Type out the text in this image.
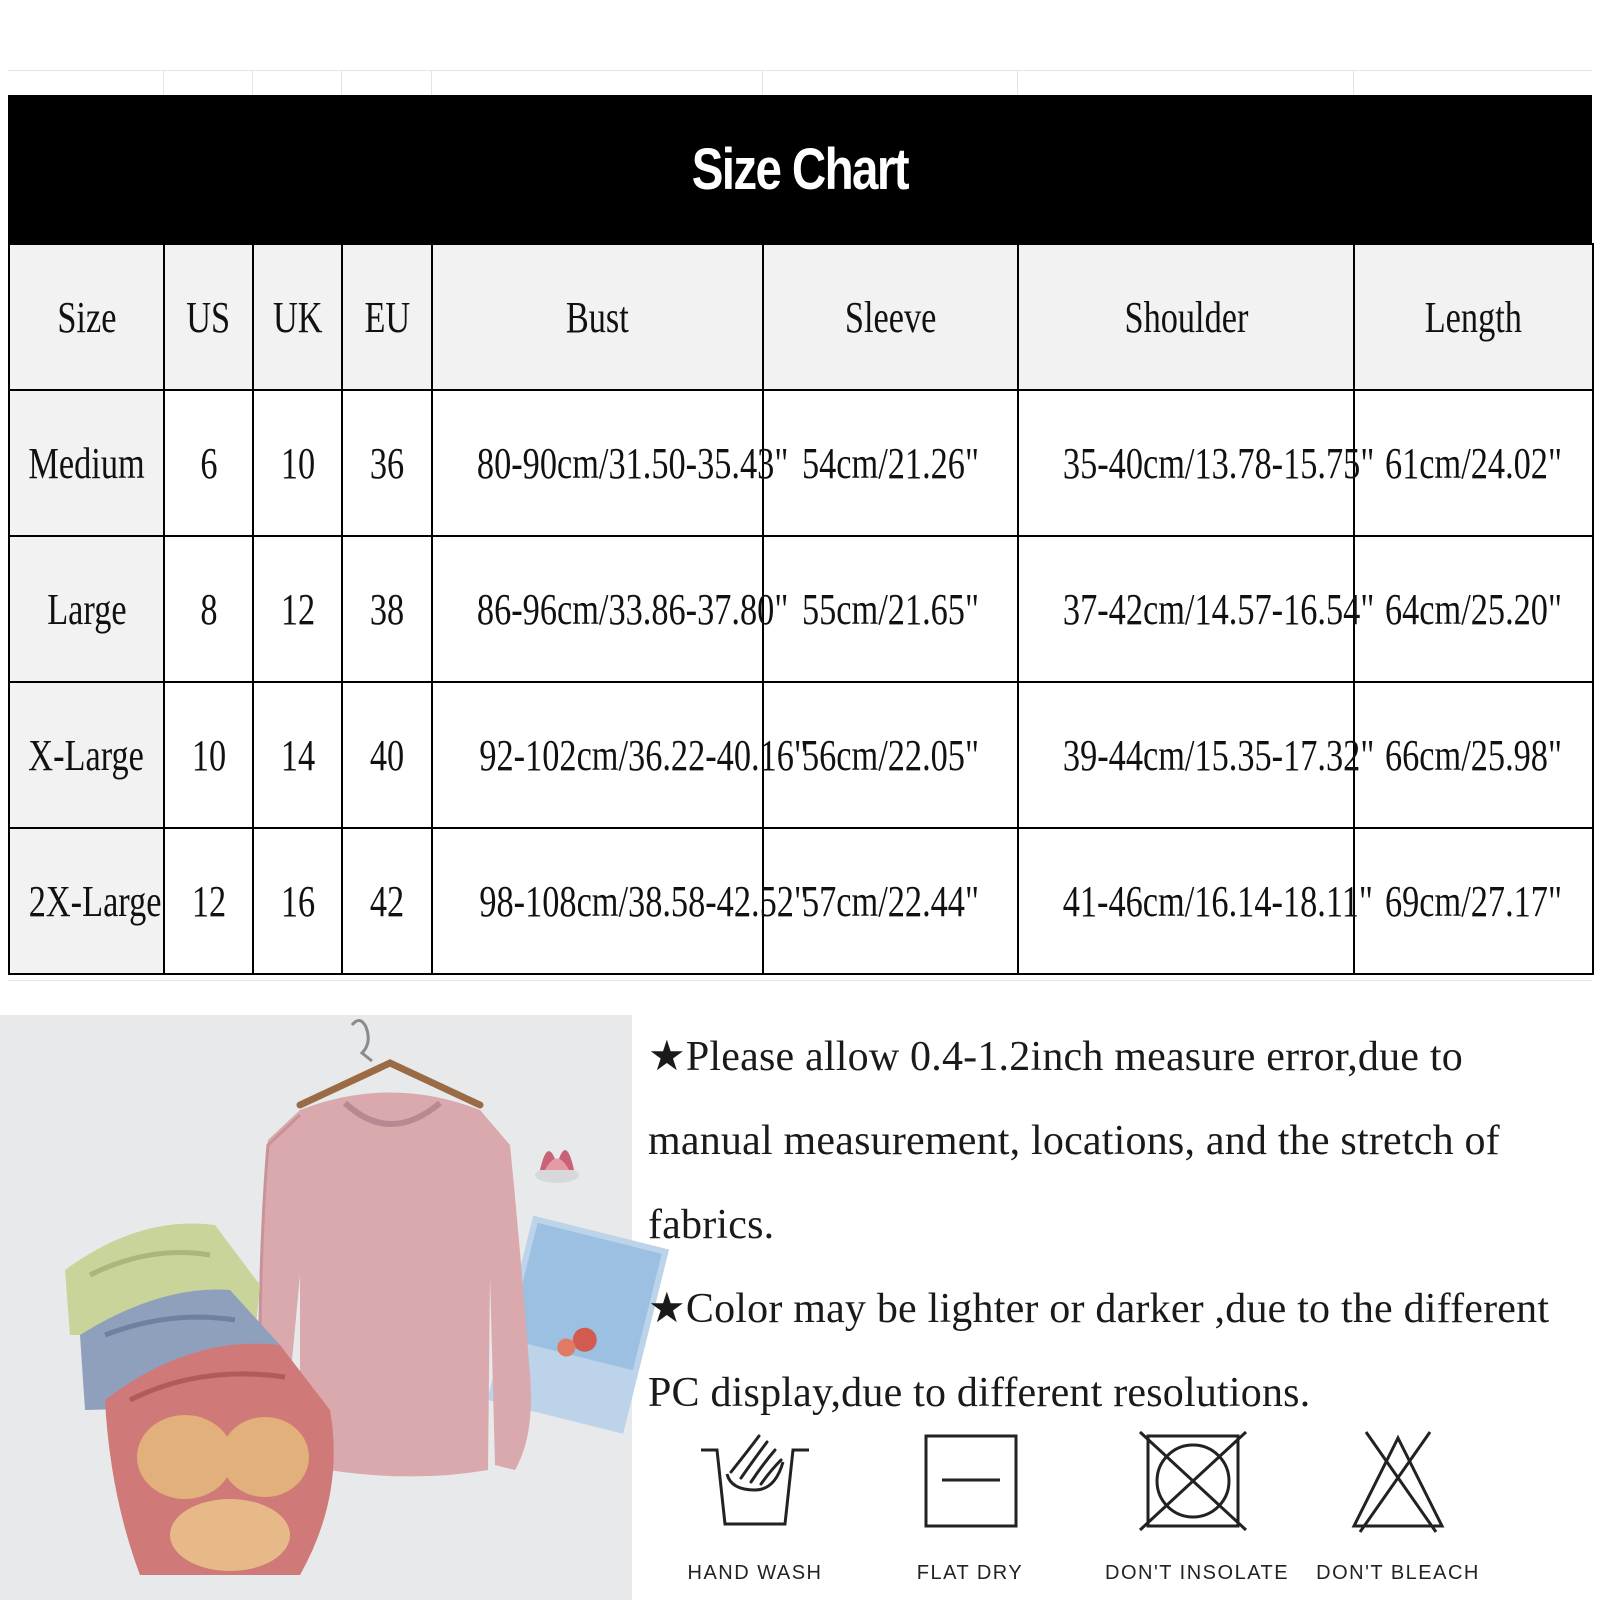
Size Chart
Size	US	UK	EU	Bust	Sleeve	Shoulder	Length
Medium	6	10	36	80-90cm/31.50-35.43"	54cm/21.26"	35-40cm/13.78-15.75"	61cm/24.02"
Large	8	12	38	86-96cm/33.86-37.80"	55cm/21.65"	37-42cm/14.57-16.54"	64cm/25.20"
X-Large	10	14	40	92-102cm/36.22-40.16"	56cm/22.05"	39-44cm/15.35-17.32"	66cm/25.98"
2X-Large	12	16	42	98-108cm/38.58-42.52"	57cm/22.44"	41-46cm/16.14-18.11"	69cm/27.17"

★Please allow 0.4-1.2inch measure error,due to manual measurement, locations, and the stretch of fabrics.

★Color may be lighter or darker ,due to the different PC display,due to different resolutions.

HAND WASH	FLAT DRY	DON'T INSOLATE DON'T BLEACH
